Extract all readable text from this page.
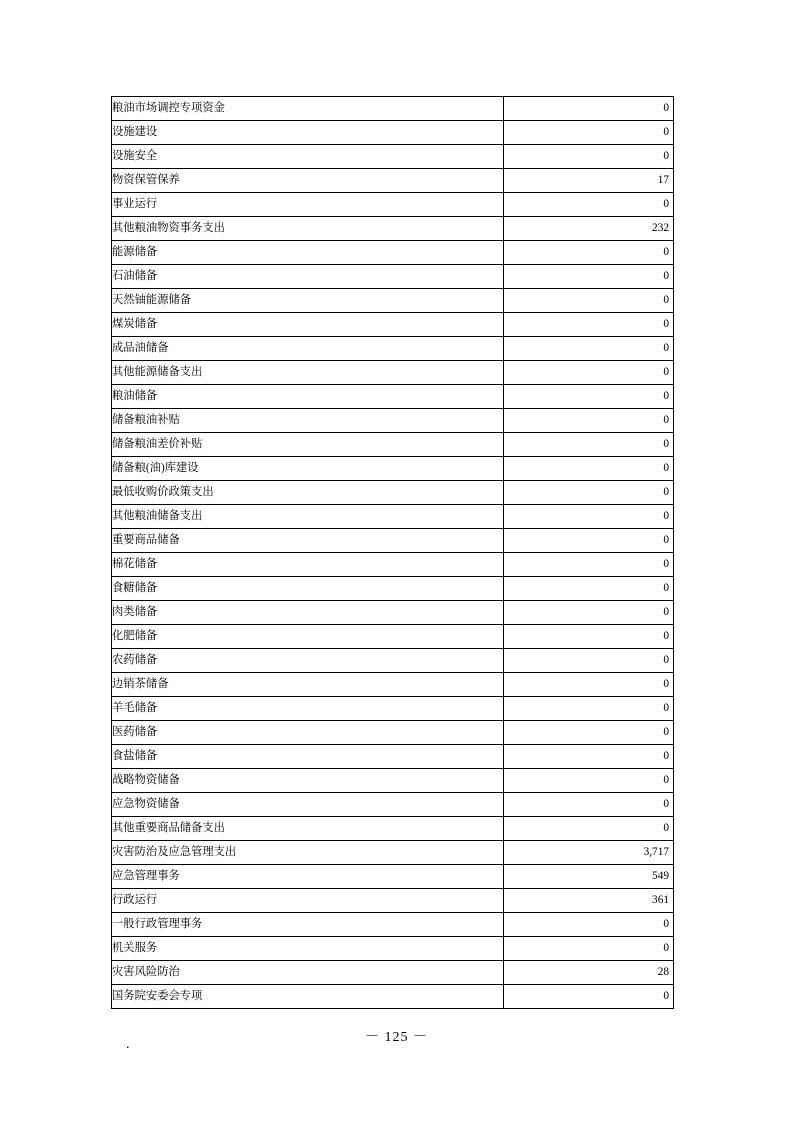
粮油市场调控专项资金	0
设施建设	0
设施安全	0
物资保管保养	17
事业运行	0
其他粮油物资事务支出	232
能源储备	0
石油储备	0
天然铀能源储备	0
煤炭储备	0
成品油储备	0
其他能源储备支出	0
粮油储备	0
储备粮油补贴	0
储备粮油差价补贴	0
储备粮(油)库建设	0
最低收购价政策支出	0
其他粮油储备支出	0
重要商品储备	0
棉花储备	0
食糖储备	0
肉类储备	0
化肥储备	0
农药储备	0
边销茶储备	0
羊毛储备	0
医药储备	0
食盐储备	0
战略物资储备	0
应急物资储备	0
其他重要商品储备支出	0
灾害防治及应急管理支出	3,717
应急管理事务	549
行政运行	361
一般行政管理事务	0
机关服务	0
灾害风险防治	28
国务院安委会专项	0
.	－ 125 －
